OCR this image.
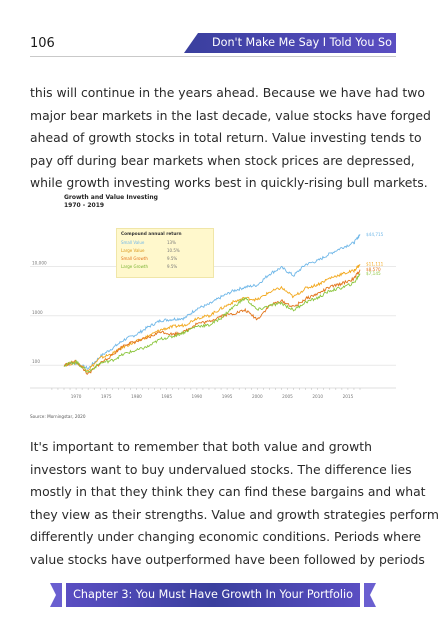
106	Don't Make Me Say I Told You So
this will continue in the years ahead. Because we have had two
major bear markets in the last decade, value stocks have forged
ahead of growth stocks in total return. Value investing tends to
pay off during bear markets when stock prices are depressed,
while growth investing works best in quickly-rising bull markets.
Growth and Value Investing
1970 - 2019
10,000
1000
100
1970	1975	1980	1985	1990	1995	2000	2005	2010	2015
$44,715
$11,111
$8,570
$7,145
Compound annual return
Small Value	13%
Large Value	10.5%
Small Growth	9.5%
Large Growth	9.5%
Source: Morningstar, 2020
It's important to remember that both value and growth
investors want to buy undervalued stocks. The difference lies
mostly in that they think they can find these bargains and what
they view as their strengths. Value and growth strategies perform
differently under changing economic conditions. Periods where
value stocks have outperformed have been followed by periods
Chapter 3: You Must Have Growth In Your Portfolio
